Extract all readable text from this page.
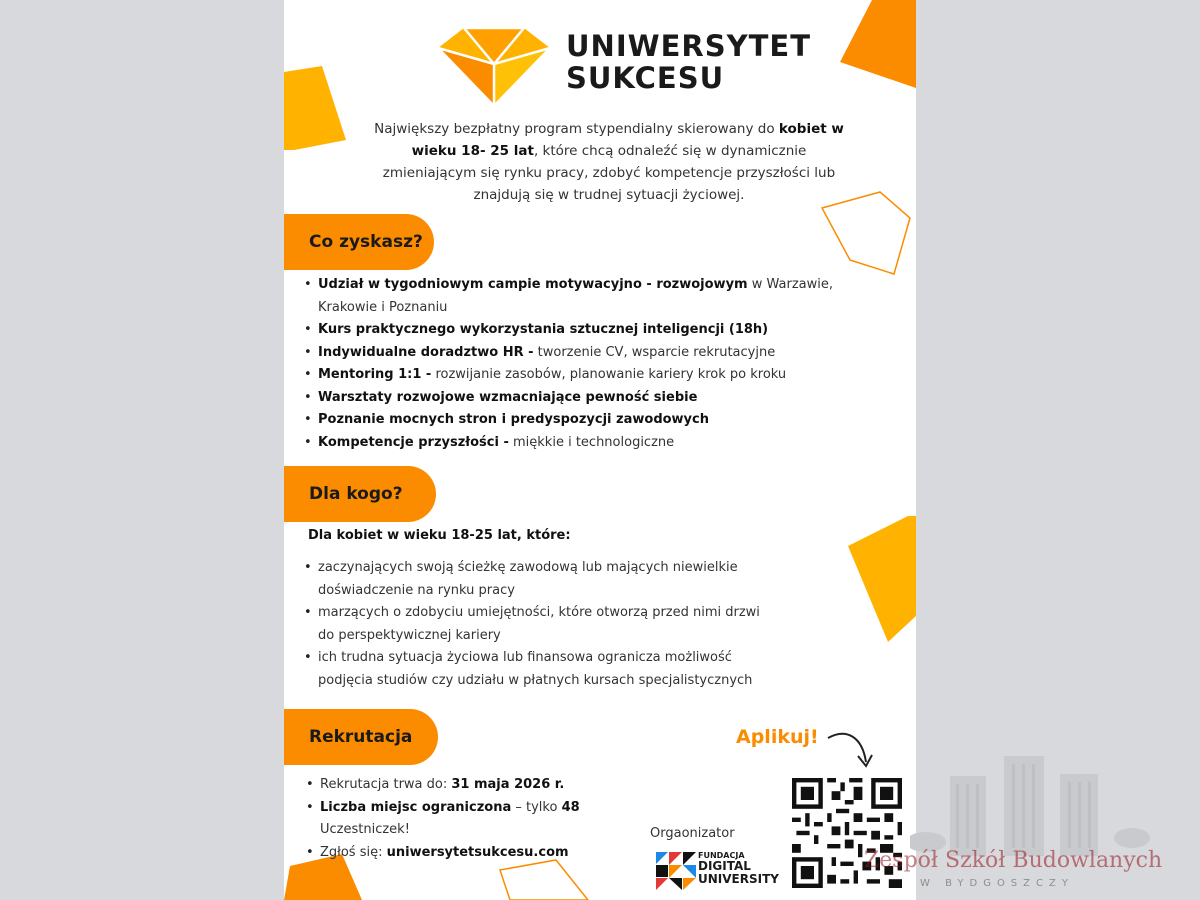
UNIWERSYTET
SUKCESU
Największy bezpłatny program stypendialny skierowany do kobiet w wieku 18- 25 lat, które chcą odnaleźć się w dynamicznie zmieniającym się rynku pracy, zdobyć kompetencje przyszłości lub znajdują się w trudnej sytuacji życiowej.
Co zyskasz?
• Udział w tygodniowym campie motywacyjno - rozwojowym w Warzawie, Krakowie i Poznaniu
• Kurs praktycznego wykorzystania sztucznej inteligencji (18h)
• Indywidualne doradztwo HR - tworzenie CV, wsparcie rekrutacyjne
• Mentoring 1:1 - rozwijanie zasobów, planowanie kariery krok po kroku
• Warsztaty rozwojowe wzmacniające pewność siebie
• Poznanie mocnych stron i predyspozycji zawodowych
• Kompetencje przyszłości - miękkie i technologiczne
Dla kogo?
Dla kobiet w wieku 18-25 lat, które:
• zaczynających swoją ścieżkę zawodową lub mających niewielkie doświadczenie na rynku pracy
• marzących o zdobyciu umiejętności, które otworzą przed nimi drzwi do perspektywicznej kariery
• ich trudna sytuacja życiowa lub finansowa ogranicza możliwość podjęcia studiów czy udziału w płatnych kursach specjalistycznych
Rekrutacja
• Rekrutacja trwa do: 31 maja 2026 r.
• Liczba miejsc ograniczona – tylko 48 Uczestniczek!
• Zgłoś się: uniwersytetsukcesu.com
Aplikuj!
Orgaonizator
FUNDACJA
DIGITAL
UNIVERSITY
Zespół Szkół Budowlanych
W BYDGOSZCZY
